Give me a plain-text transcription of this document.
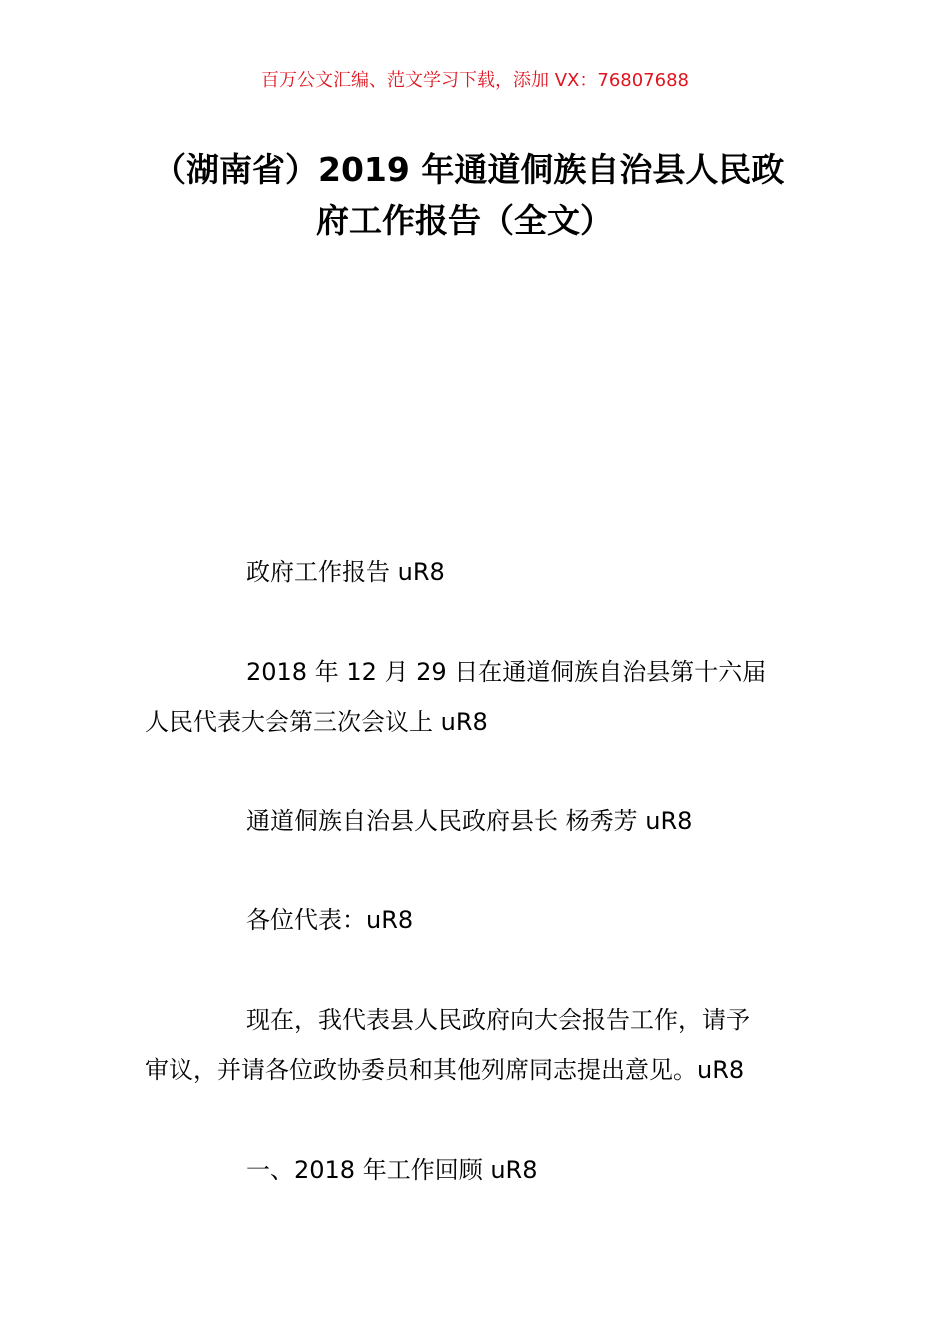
百万公文汇编、范文学习下载，添加 VX：76807688
（湖南省）2019 年通道侗族自治县人民政
府工作报告（全文）
政府工作报告 uR8
2018 年 12 月 29 日在通道侗族自治县第十六届
人民代表大会第三次会议上 uR8
通道侗族自治县人民政府县长 杨秀芳 uR8
各位代表：uR8
现在，我代表县人民政府向大会报告工作，请予
审议，并请各位政协委员和其他列席同志提出意见。uR8
一、2018 年工作回顾 uR8
